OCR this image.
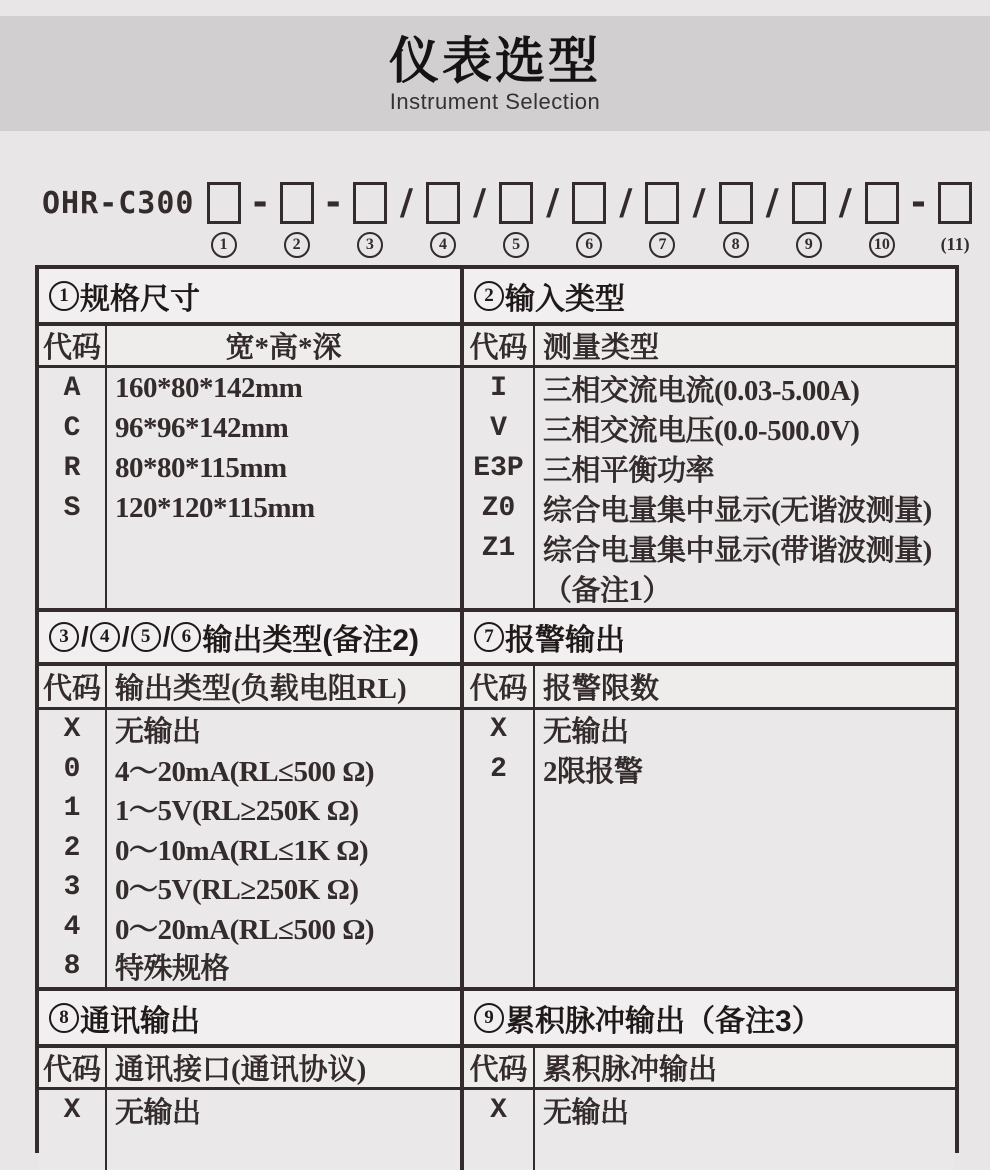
仪表选型
Instrument Selection
OHR-C300
1
-
2
-
3
/
4
/
5
/
6
/
7
/
8
/
9
/
10
-
(11)
1 规格尺寸
代码	宽*高*深
A	160*80*142mm
C	96*96*142mm
R	80*80*115mm
S	120*120*115mm
2 输入类型
代码 测量类型
I	三相交流电流(0.03-5.00A)
V	三相交流电压(0.0-500.0V)
E3P 三相平衡功率
Z0 综合电量集中显示(无谐波测量)
Z1 综合电量集中显示(带谐波测量)
（备注1）
3 / 4 / 5 / 6 输出类型(备注2)
代码 输出类型(负载电阻RL)
X	无输出
0	4～20mA(RL≤500 Ω)
1	1～5V(RL≥250K Ω)
2	0～10mA(RL≤1K Ω)
3	0～5V(RL≥250K Ω)
4	0～20mA(RL≤500 Ω)
8	特殊规格
7 报警输出
代码 报警限数
X	无输出
2	2限报警
8 通讯输出
代码 通讯接口(通讯协议)
X	无输出
9 累积脉冲输出（备注3）
代码 累积脉冲输出
X	无输出
